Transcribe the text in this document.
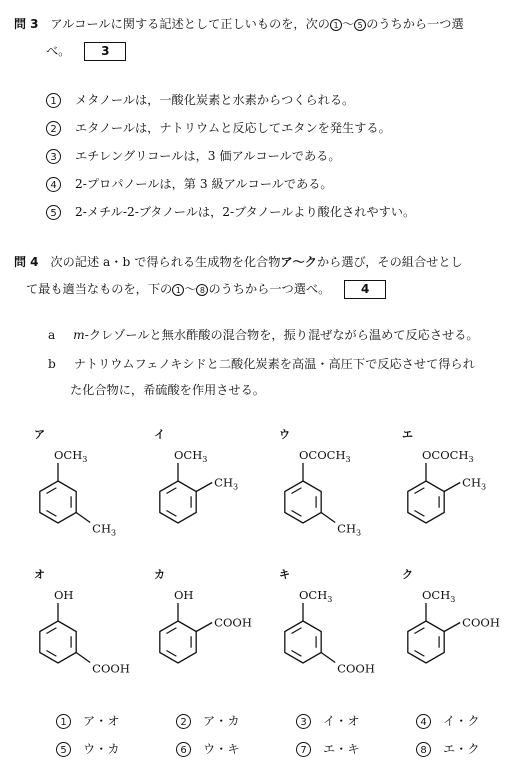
問 3 アルコールに関する記述として正しいものを，次の 1 〜 5 のうちから一つ選
べ。	3
1 メタノールは，一酸化炭素と水素からつくられる。
2 エタノールは，ナトリウムと反応してエタンを発生する。
3 エチレングリコールは，3 価アルコールである。
4 2-プロパノールは，第 3 級アルコールである。
5 2-メチル-2-ブタノールは，2-ブタノールより酸化されやすい。
問 4 次の記述 a・b で得られる生成物を化合物ア〜クから選び，その組合せとし
て最も適当なものを，下の 1 〜 8 のうちから一つ選べ。	4
a m-クレゾールと無水酢酸の混合物を，振り混ぜながら温めて反応させる。
b ナトリウムフェノキシドと二酸化炭素を高温・高圧下で反応させて得られ
た化合物に，希硫酸を作用させる。
ア
$OCH_3$
$CH_3$
イ
$OCH_3$
$CH_3$
ウ
$OCOCH_3$
$CH_3$
エ
$OCOCH_3$
$CH_3$
オ
OH
COOH
カ
OH
COOH
キ
$OCH_3$
COOH
ク
$OCH_3$
COOH
1 ア・オ	2 ア・カ	3 イ・オ	4 イ・ク
5 ウ・カ	6 ウ・キ	7 エ・キ	8 エ・ク
